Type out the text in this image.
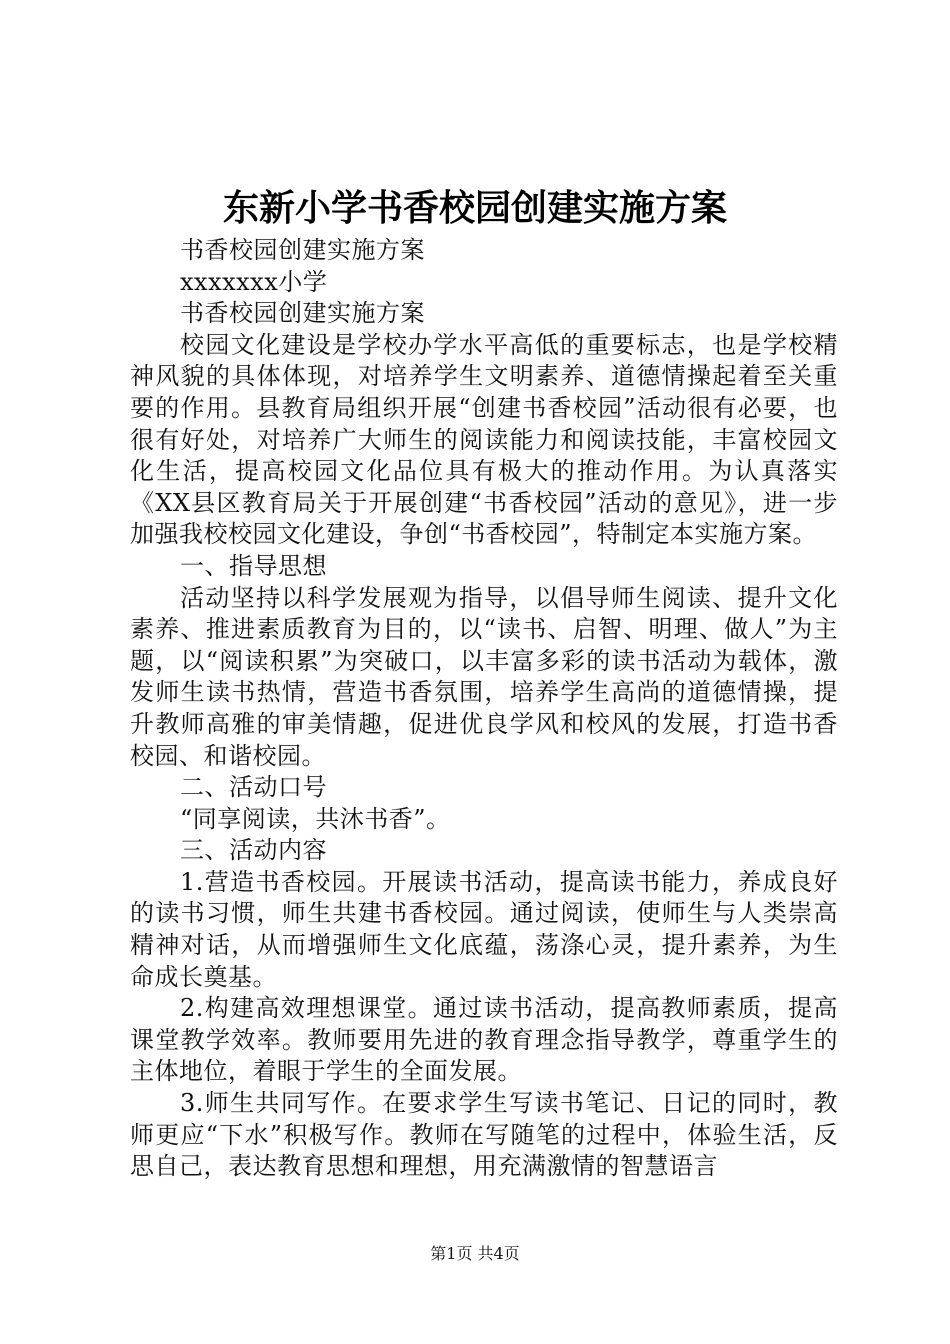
东新小学书香校园创建实施方案

书香校园创建实施方案

xxxxxxx小学

书香校园创建实施方案

校园文化建设是学校办学水平高低的重要标志，也是学校精神风貌的具体体现，对培养学生文明素养、道德情操起着至关重要的作用。县教育局组织开展“创建书香校园”活动很有必要，也很有好处，对培养广大师生的阅读能力和阅读技能，丰富校园文化生活，提高校园文化品位具有极大的推动作用。为认真落实《XX县区教育局关于开展创建“书香校园”活动的意见》，进一步加强我校校园文化建设，争创“书香校园”，特制定本实施方案。

一、指导思想

活动坚持以科学发展观为指导，以倡导师生阅读、提升文化素养、推进素质教育为目的，以“读书、启智、明理、做人”为主题，以“阅读积累”为突破口，以丰富多彩的读书活动为载体，激发师生读书热情，营造书香氛围，培养学生高尚的道德情操，提升教师高雅的审美情趣，促进优良学风和校风的发展，打造书香校园、和谐校园。

二、活动口号

“同享阅读，共沐书香”。

三、活动内容

1.营造书香校园。开展读书活动，提高读书能力，养成良好的读书习惯，师生共建书香校园。通过阅读，使师生与人类崇高精神对话，从而增强师生文化底蕴，荡涤心灵，提升素养，为生命成长奠基。

2.构建高效理想课堂。通过读书活动，提高教师素质，提高课堂教学效率。教师要用先进的教育理念指导教学，尊重学生的主体地位，着眼于学生的全面发展。

3.师生共同写作。在要求学生写读书笔记、日记的同时，教师更应“下水”积极写作。教师在写随笔的过程中，体验生活，反思自己，表达教育思想和理想，用充满激情的智慧语言

第1页 共4页
